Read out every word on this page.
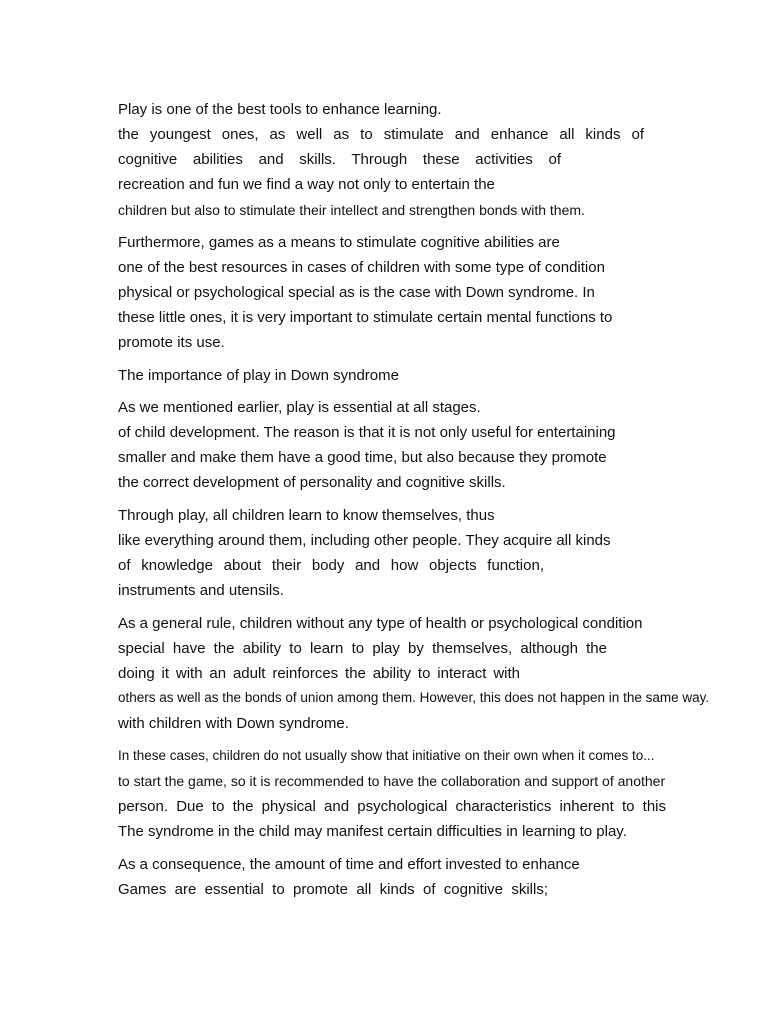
Play is one of the best tools to enhance learning.
the youngest ones, as well as to stimulate and enhance all kinds of
cognitive abilities and skills. Through these activities of
recreation and fun we find a way not only to entertain the
children but also to stimulate their intellect and strengthen bonds with them.
Furthermore, games as a means to stimulate cognitive abilities are
one of the best resources in cases of children with some type of condition
physical or psychological special as is the case with Down syndrome. In
these little ones, it is very important to stimulate certain mental functions to
promote its use.
The importance of play in Down syndrome
As we mentioned earlier, play is essential at all stages.
of child development. The reason is that it is not only useful for entertaining
smaller and make them have a good time, but also because they promote
the correct development of personality and cognitive skills.
Through play, all children learn to know themselves, thus
like everything around them, including other people. They acquire all kinds
of knowledge about their body and how objects function,
instruments and utensils.
As a general rule, children without any type of health or psychological condition
special have the ability to learn to play by themselves, although the
doing it with an adult reinforces the ability to interact with
others as well as the bonds of union among them. However, this does not happen in the same way.
with children with Down syndrome.
In these cases, children do not usually show that initiative on their own when it comes to...
to start the game, so it is recommended to have the collaboration and support of another
person. Due to the physical and psychological characteristics inherent to this
The syndrome in the child may manifest certain difficulties in learning to play.
As a consequence, the amount of time and effort invested to enhance
Games are essential to promote all kinds of cognitive skills;
